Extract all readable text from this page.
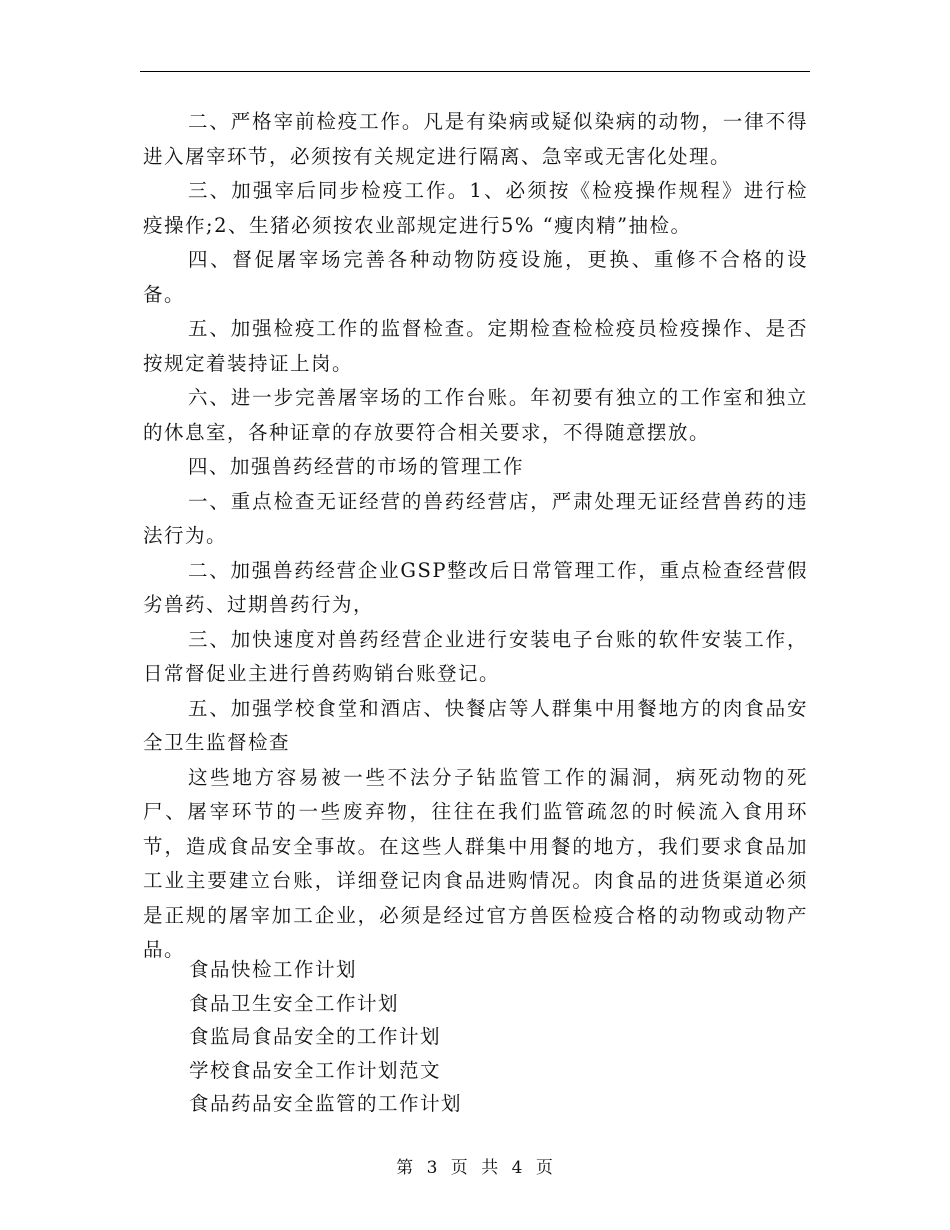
二、严格宰前检疫工作。凡是有染病或疑似染病的动物，一律不得进入屠宰环节，必须按有关规定进行隔离、急宰或无害化处理。

三、加强宰后同步检疫工作。1、必须按《检疫操作规程》进行检疫操作;2、生猪必须按农业部规定进行5% “瘦肉精”抽检。

四、督促屠宰场完善各种动物防疫设施，更换、重修不合格的设备。

五、加强检疫工作的监督检查。定期检查检检疫员检疫操作、是否按规定着装持证上岗。

六、进一步完善屠宰场的工作台账。年初要有独立的工作室和独立的休息室，各种证章的存放要符合相关要求，不得随意摆放。

四、加强兽药经营的市场的管理工作

一、重点检查无证经营的兽药经营店，严肃处理无证经营兽药的违法行为。

二、加强兽药经营企业GSP整改后日常管理工作，重点检查经营假劣兽药、过期兽药行为，

三、加快速度对兽药经营企业进行安装电子台账的软件安装工作，日常督促业主进行兽药购销台账登记。

五、加强学校食堂和酒店、快餐店等人群集中用餐地方的肉食品安全卫生监督检查

这些地方容易被一些不法分子钻监管工作的漏洞，病死动物的死尸、屠宰环节的一些废弃物，往往在我们监管疏忽的时候流入食用环节，造成食品安全事故。在这些人群集中用餐的地方，我们要求食品加工业主要建立台账，详细登记肉食品进购情况。肉食品的进货渠道必须是正规的屠宰加工企业，必须是经过官方兽医检疫合格的动物或动物产品。

食品快检工作计划
食品卫生安全工作计划
食监局食品安全的工作计划
学校食品安全工作计划范文
食品药品安全监管的工作计划
第 3 页 共 4 页
